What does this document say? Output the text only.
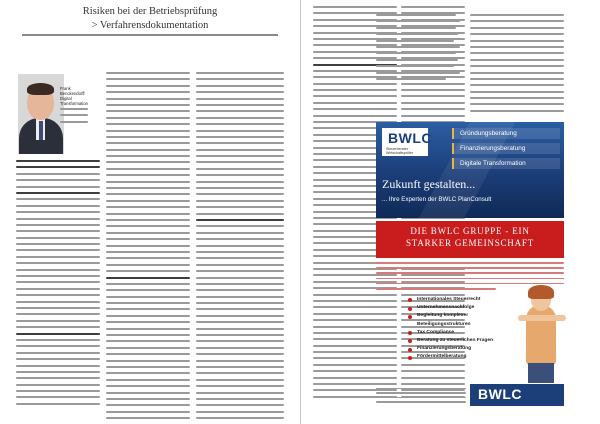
Risiken bei der Betriebsprüfung
> Verfahrensdokumentation
Frank Benckendorff
Digital Transformation
BWLC
Steuerberater · Wirtschaftsprüfer
Gründungsberatung
Finanzierungsberatung
Digitale Transformation
Zukunft gestalten...
... Ihre Experten der BWLC PlanConsult
DIE BWLC GRUPPE - EIN
STARKER GEMEINSCHAFT
Internationales Steuerrecht
Unternehmensnachfolge
Begleitung komplexer Beteiligungsstrukturen
Tax Compliance
Beratung zu steuerlichen Fragen
Finanzierungsberatung
Fördermittelberatung
BWLC
